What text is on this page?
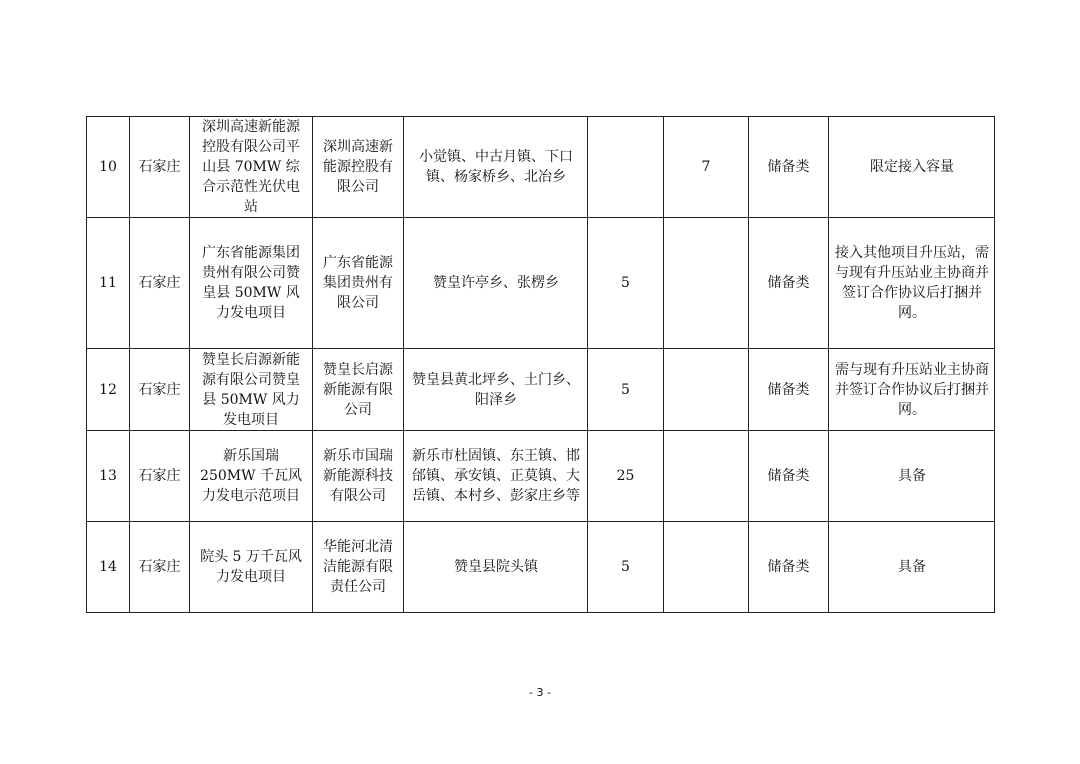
10	石家庄	深圳高速新能源控股有限公司平山县 70MW 综合示范性光伏电站	深圳高速新能源控股有限公司	小觉镇、中古月镇、下口镇、杨家桥乡、北冶乡		7	储备类	限定接入容量

11	石家庄	广东省能源集团贵州有限公司赞皇县 50MW 风力发电项目	广东省能源集团贵州有限公司	赞皇许亭乡、张楞乡	5		储备类	接入其他项目升压站，需与现有升压站业主协商并签订合作协议后打捆并网。

12	石家庄	赞皇长启源新能源有限公司赞皇县 50MW 风力发电项目	赞皇长启源新能源有限公司	赞皇县黄北坪乡、土门乡、阳泽乡	5		储备类	需与现有升压站业主协商并签订合作协议后打捆并网。

13	石家庄	新乐国瑞 250MW 千瓦风力发电示范项目	新乐市国瑞新能源科技有限公司	新乐市杜固镇、东王镇、邯邰镇、承安镇、正莫镇、大岳镇、本村乡、彭家庄乡等	25		储备类	具备

14	石家庄	院头 5 万千瓦风力发电项目	华能河北清洁能源有限责任公司	赞皇县院头镇	5		储备类	具备
- 3 -
